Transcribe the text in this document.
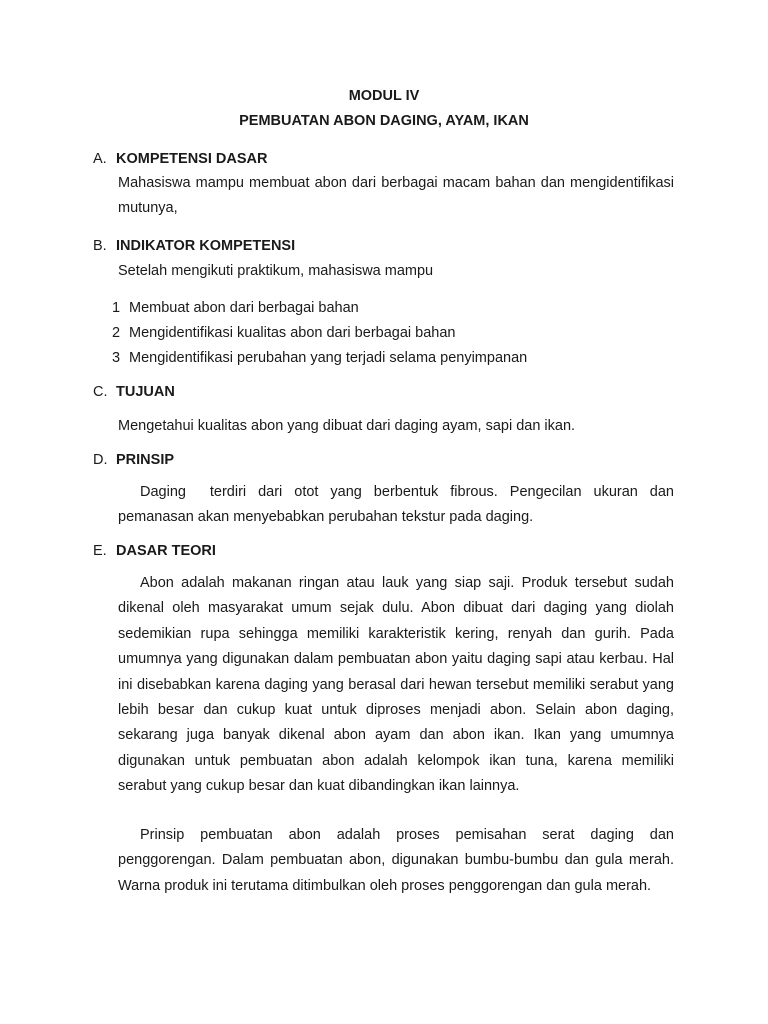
MODUL IV
PEMBUATAN ABON DAGING, AYAM, IKAN
A. KOMPETENSI DASAR
Mahasiswa mampu membuat abon dari berbagai macam bahan dan mengidentifikasi mutunya,
B. INDIKATOR KOMPETENSI
Setelah mengikuti praktikum, mahasiswa mampu
1 Membuat abon dari berbagai bahan
2 Mengidentifikasi kualitas abon dari berbagai bahan
3 Mengidentifikasi perubahan yang terjadi selama penyimpanan
C. TUJUAN
Mengetahui kualitas abon yang dibuat dari daging ayam, sapi dan ikan.
D. PRINSIP
Daging  terdiri dari otot yang berbentuk fibrous. Pengecilan ukuran dan pemanasan akan menyebabkan perubahan tekstur pada daging.
E. DASAR TEORI
Abon adalah makanan ringan atau lauk yang siap saji. Produk tersebut sudah dikenal oleh masyarakat umum sejak dulu. Abon dibuat dari daging yang diolah sedemikian rupa sehingga memiliki karakteristik kering, renyah dan gurih. Pada umumnya yang digunakan dalam pembuatan abon yaitu daging sapi atau kerbau. Hal ini disebabkan karena daging yang berasal dari hewan tersebut memiliki serabut yang lebih besar dan cukup kuat untuk diproses menjadi abon. Selain abon daging, sekarang juga banyak dikenal abon ayam dan abon ikan. Ikan yang umumnya digunakan untuk pembuatan abon adalah kelompok ikan tuna, karena memiliki serabut yang cukup besar dan kuat dibandingkan ikan lainnya.
Prinsip pembuatan abon adalah proses pemisahan serat daging dan penggorengan. Dalam pembuatan abon, digunakan bumbu-bumbu dan gula merah. Warna produk ini terutama ditimbulkan oleh proses penggorengan dan gula merah.
